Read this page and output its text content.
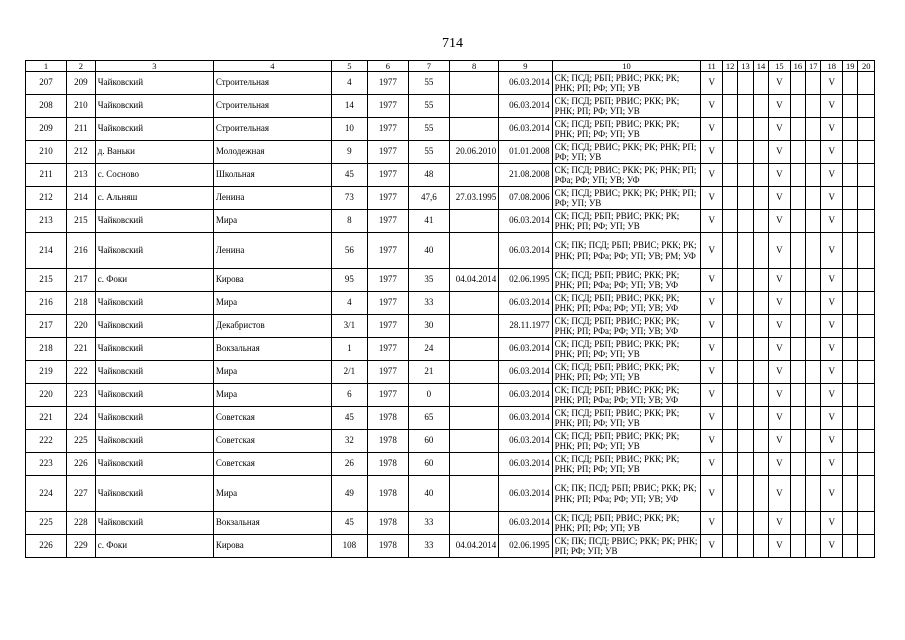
714
1	2	3	4	5	6	7	8	9	10	11	12	13	14	15	16	17	18	19	20
207	209	Чайковский	Строительная	4	1977	55		06.03.2014	СК; ПСД; РБП; РВИС; РКК; РК; РНК; РП; РФ; УП; УВ	V				V			V		
208	210	Чайковский	Строительная	14	1977	55		06.03.2014	СК; ПСД; РБП; РВИС; РКК; РК; РНК; РП; РФ; УП; УВ	V				V			V		
209	211	Чайковский	Строительная	10	1977	55		06.03.2014	СК; ПСД; РБП; РВИС; РКК; РК; РНК; РП; РФ; УП; УВ	V				V			V		
210	212	д. Ваньки	Молодежная	9	1977	55	20.06.2010	01.01.2008	СК; ПСД; РВИС; РКК; РК; РНК; РП; РФ; УП; УВ	V				V			V		
211	213	с. Сосново	Школьная	45	1977	48		21.08.2008	СК; ПСД; РВИС; РКК; РК; РНК; РП; РФа; РФ; УП; УВ; УФ	V				V			V		
212	214	с. Альняш	Ленина	73	1977	47,6	27.03.1995	07.08.2006	СК; ПСД; РВИС; РКК; РК; РНК; РП; РФ; УП; УВ	V				V			V		
213	215	Чайковский	Мира	8	1977	41		06.03.2014	СК; ПСД; РБП; РВИС; РКК; РК; РНК; РП; РФ; УП; УВ	V				V			V		
214	216	Чайковский	Ленина	56	1977	40		06.03.2014	СК; ПК; ПСД; РБП; РВИС; РКК; РК; РНК; РП; РФа; РФ; УП; УВ; РМ; УФ	V				V			V		
215	217	с. Фоки	Кирова	95	1977	35	04.04.2014	02.06.1995	СК; ПСД; РБП; РВИС; РКК; РК; РНК; РП; РФа; РФ; УП; УВ; УФ	V				V			V		
216	218	Чайковский	Мира	4	1977	33		06.03.2014	СК; ПСД; РБП; РВИС; РКК; РК; РНК; РП; РФа; РФ; УП; УВ; УФ	V				V			V		
217	220	Чайковский	Декабристов	3/1	1977	30		28.11.1977	СК; ПСД; РБП; РВИС; РКК; РК; РНК; РП; РФа; РФ; УП; УВ; УФ	V				V			V		
218	221	Чайковский	Вокзальная	1	1977	24		06.03.2014	СК; ПСД; РБП; РВИС; РКК; РК; РНК; РП; РФ; УП; УВ	V				V			V		
219	222	Чайковский	Мира	2/1	1977	21		06.03.2014	СК; ПСД; РБП; РВИС; РКК; РК; РНК; РП; РФ; УП; УВ	V				V			V		
220	223	Чайковский	Мира	6	1977	0		06.03.2014	СК; ПСД; РБП; РВИС; РКК; РК; РНК; РП; РФа; РФ; УП; УВ; УФ	V				V			V		
221	224	Чайковский	Советская	45	1978	65		06.03.2014	СК; ПСД; РБП; РВИС; РКК; РК; РНК; РП; РФ; УП; УВ	V				V			V		
222	225	Чайковский	Советская	32	1978	60		06.03.2014	СК; ПСД; РБП; РВИС; РКК; РК; РНК; РП; РФ; УП; УВ	V				V			V		
223	226	Чайковский	Советская	26	1978	60		06.03.2014	СК; ПСД; РБП; РВИС; РКК; РК; РНК; РП; РФ; УП; УВ	V				V			V		
224	227	Чайковский	Мира	49	1978	40		06.03.2014	СК; ПК; ПСД; РБП; РВИС; РКК; РК; РНК; РП; РФа; РФ; УП; УВ; УФ	V				V			V		
225	228	Чайковский	Вокзальная	45	1978	33		06.03.2014	СК; ПСД; РБП; РВИС; РКК; РК; РНК; РП; РФ; УП; УВ	V				V			V		
226	229	с. Фоки	Кирова	108	1978	33	04.04.2014	02.06.1995	СК; ПК; ПСД; РВИС; РКК; РК; РНК; РП; РФ; УП; УВ	V				V			V		
